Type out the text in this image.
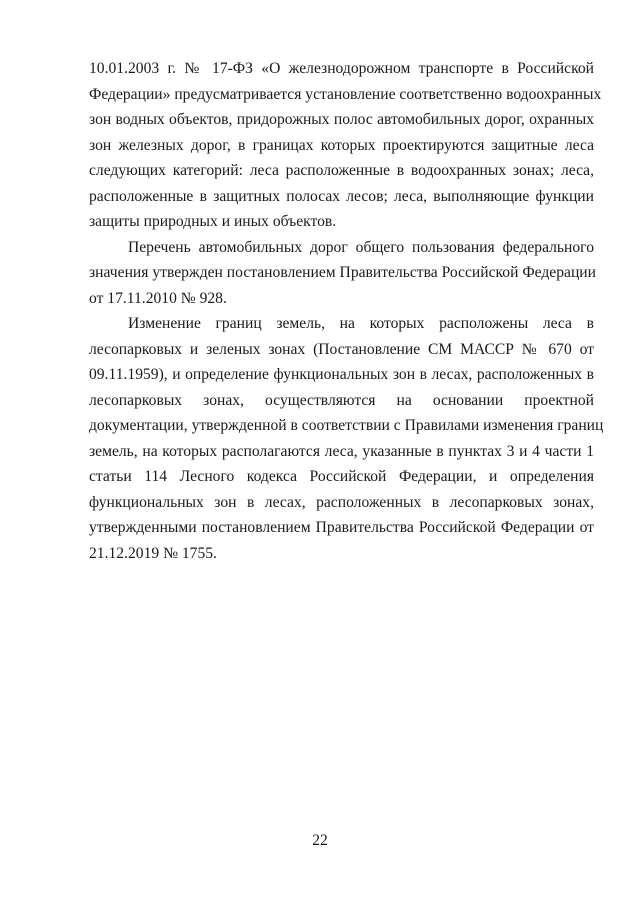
10.01.2003 г. № 17-ФЗ «О железнодорожном транспорте в Российской
Федерации» предусматривается установление соответственно водоохранных
зон водных объектов, придорожных полос автомобильных дорог, охранных
зон железных дорог, в границах которых проектируются защитные леса
следующих категорий: леса расположенные в водоохранных зонах; леса,
расположенные в защитных полосах лесов; леса, выполняющие функции
защиты природных и иных объектов.

Перечень автомобильных дорог общего пользования федерального
значения утвержден постановлением Правительства Российской Федерации
от 17.11.2010 № 928.

Изменение границ земель, на которых расположены леса в
лесопарковых и зеленых зонах (Постановление СМ МАССР № 670 от
09.11.1959), и определение функциональных зон в лесах, расположенных в
лесопарковых зонах, осуществляются на основании проектной
документации, утвержденной в соответствии с Правилами изменения границ
земель, на которых располагаются леса, указанные в пунктах 3 и 4 части 1
статьи 114 Лесного кодекса Российской Федерации, и определения
функциональных зон в лесах, расположенных в лесопарковых зонах,
утвержденными постановлением Правительства Российской Федерации от
21.12.2019 № 1755.

22
